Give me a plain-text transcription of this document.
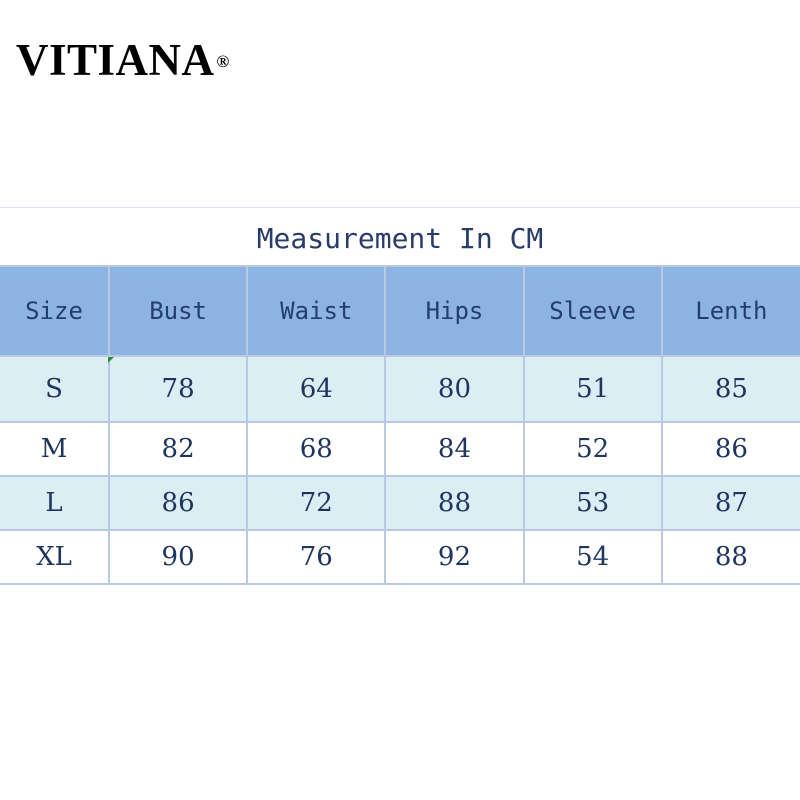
VITIANA ®
Measurement In CM
Size	Bust	Waist	Hips	Sleeve	Lenth
S	78	64	80	51	85
M	82	68	84	52	86
L	86	72	88	53	87
XL	90	76	92	54	88
